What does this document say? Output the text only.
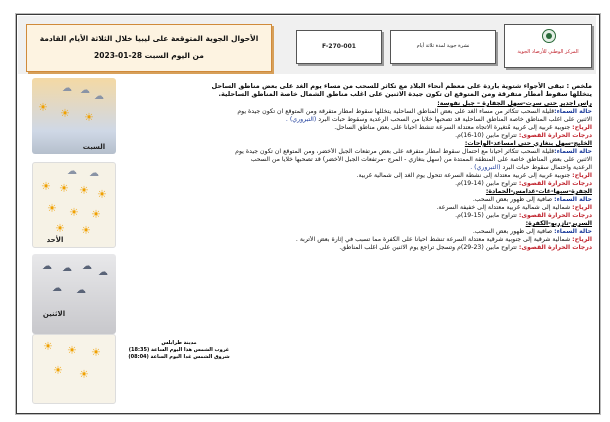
الأحوال الجوية المتوقعة على ليبيا خلال الثلاثة الأيام القادمة
من اليوم السبت 28-01-2023
F-270-001	نشرة جوية لمدة ثلاثة أيام
المركز الوطني للأرصاد الجوية
☁ ☁
☁
☀ ☀ ☀
السبت
☁ ☁
☀ ☀ ☀ ☀
☀ ☀ ☀
☀ ☀
الأحد
☁ ☁ ☁
☁
☁ ☁
الاثنين
☀ ☀ ☀
☀ ☀
ملخص : تبقى الأجواء شتوية باردة على معظم أنحاء البلاد مع تكاثر للسحب من مساء يوم الغد على بعض مناطق الساحل
يتخللها سقوط أمطار متفرقة ومن المتوقع ان تكون جيدة الاثنين على اغلب مناطق الشمال خاصة المناطق الساحلية.
راس اجدير حتى سرت-سهل الجفارة – جبل نفوسة:
حالة السماء:قليلة السحب تتكاثر من مساء الغد على بعض المناطق الساحلية يتخللها سقوط أمطار متفرقة ومن المتوقع ان تكون جيدة يوم
الاثنين على اغلب المناطق خاصة المناطق الساحلية قد تصحبها خلايا من السحب الرعدية وسقوط حبات البرد (التبروري) .
الرياح: جنوبية غربية إلى غربية مُتغيرة الاتجاه معتدلة السرعة تنشط أحياناً على بعض مناطق الساحل.
درجات الحرارة القصوى: تتراوح مابين (10-16)م.
الخليج-سهل بنغازي حتى امساعد-الواحات:
حالة السماء:قليلة السحب تتكاثر أحياناً مع احتمال سقوط أمطار متفرقة على بعض مرتفعات الجبل الأخضر، ومن المتوقع ان تكون جيدة يوم
الاثنين على بعض المناطق خاصة على المنطقة الممتدة من (سهل بنغازي - المرج -مرتفعات الجبل الأخضر) قد تصحبها خلايا من السحب
الرعدية واحتمال سقوط حبات البرد (التبروري) .
الرياح: جنوبية غربية إلى غربية معتدلة إلى نشطة السرعة تتحول يوم الغد إلى شمالية غربية.
درجات الحرارة القصوى: تتراوح مابين (14-19)م.
الجفرة-سبها-غات-غدامس-الحمادة:
حالة السماء: صافية إلى ظهور بعض السحب.
الرياح: شمالية إلى شمالية غربية معتدلة إلى خفيفة السرعة.
درجات الحرارة القصوى: تتراوح مابين (15-19)م.
السرير-تازربو-الكفرة:
حالة السماء: صافية إلى ظهور بعض السحب.
الرياح: شمالية شرقية إلى جنوبية شرقية معتدلة السرعة تنشط احيانا على الكفرة مما تسبب في إثارة بعض الأتربة .
درجات الحرارة القصوى: تتراوح مابين (23-29)م وتسجل تراجع يوم الاثنين على اغلب المناطق.
مدينة طرابلس
غروب الشمس هذا اليوم الساعة (18:35)
شروق الشمس غدا اليوم الساعة (08:04)
